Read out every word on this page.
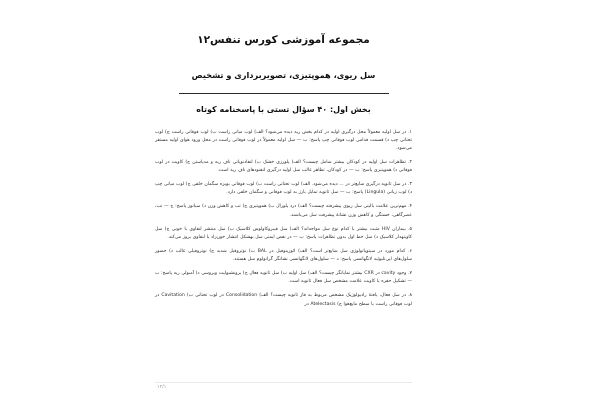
مجموعه آموزشی کورس تنفس۱۲
سل ریوی، هموپتیزی، تصویربرداری و تشخیص
بخش اول: ۴۰ سؤال تستی با پاسخنامه کوتاه
۱. در سل اولیه معمولاً محل درگیری اولیه در کدام بخش ریه دیده می‌شود؟ الف) لوب میانی راست ب) لوب فوقانی راست ج) لوب تحتانی چپ د) قسمت قدامی لوب فوقانی چپ پاسخ: ب — سل اولیه معمولاً در لوب فوقانی راست در محل ورود هوای اولیه مستقر می‌شود.
۲. تظاهرات سل اولیه در کودکان بیشتر شامل چیست؟ الف) پلورزی خشک ب) لنفادنوپاتی ناف ریه و مدیاستن ج) کاویت در لوب فوقانی د) هموپتیزی پاسخ: ب — در کودکان، تظاهر غالب سل اولیه درگیری لنفنودهای ناف ریه است.
۳. در سل ثانویه درگیری شایع‌تر در ... دیده می‌شود. الف) لوب تحتانی راست ب) لوب فوقانی بویژه سگمان خلفی ج) لوب میانی چپ د) لوب زبانی (Lingula) پاسخ: ب — سل ثانویه تمایل بارز به لوب فوقانی و سگمان خلفی دارد.
۴. مهم‌ترین علامت بالینی سل ریوی پیشرفته چیست؟ الف) درد پلورال ب) هموپتیزی ج) تب و کاهش وزن د) سیانوز پاسخ: ج — تب، عصرگاهی، خستگی و کاهش وزن نشانهٔ پیشرفت سل می‌باشند.
۵. بیماران HIV مثبت بیشتر با کدام نوع سل مواجه‌اند؟ الف) سل فیبروکاولوس کلاسیک ب) سل منتشر لنفاوی با خونی ج) سل کاویتهدار کلاسیک د) سل خط اول بدون تظاهرات پاسخ: ب — در نقص ایمنی سل بهشکل انتشار خون‌زاد یا لنفاوی بروز می‌کند.
۶. کدام مورد در سیتوپاتولوژی سل شایع‌تر است؟ الف) ائوزینوفیل در BAL ب) نوتروفیل شدید ج) نوتروفیلی غالب د) حضور سلول‌های اپی‌تلیوئید لانگهانسی پاسخ: د — سلول‌های لانگهانسی نشانگر گرانولوم سل هستند.
۷. وجود cavity در CXR بیشتر نمایانگر چیست؟ الف) سل اولیه ب) سل ثانویه فعال ج) برونشیولیت ویروسی د) آمبولی ریه پاسخ: ب — تشکیل حفره یا کاویت علامت مشخص سل فعال ثانویه است.
۸. در سل فعال، یافتهٔ رادیولوژیک مشخص مربوط به فاز ثانویه چیست؟ الف) Consolidation در لوب تحتانی ب) Cavitation در لوب فوقانی راست با سطح مایع‌هوا ج) Atelectasis در
۱۲/۱
